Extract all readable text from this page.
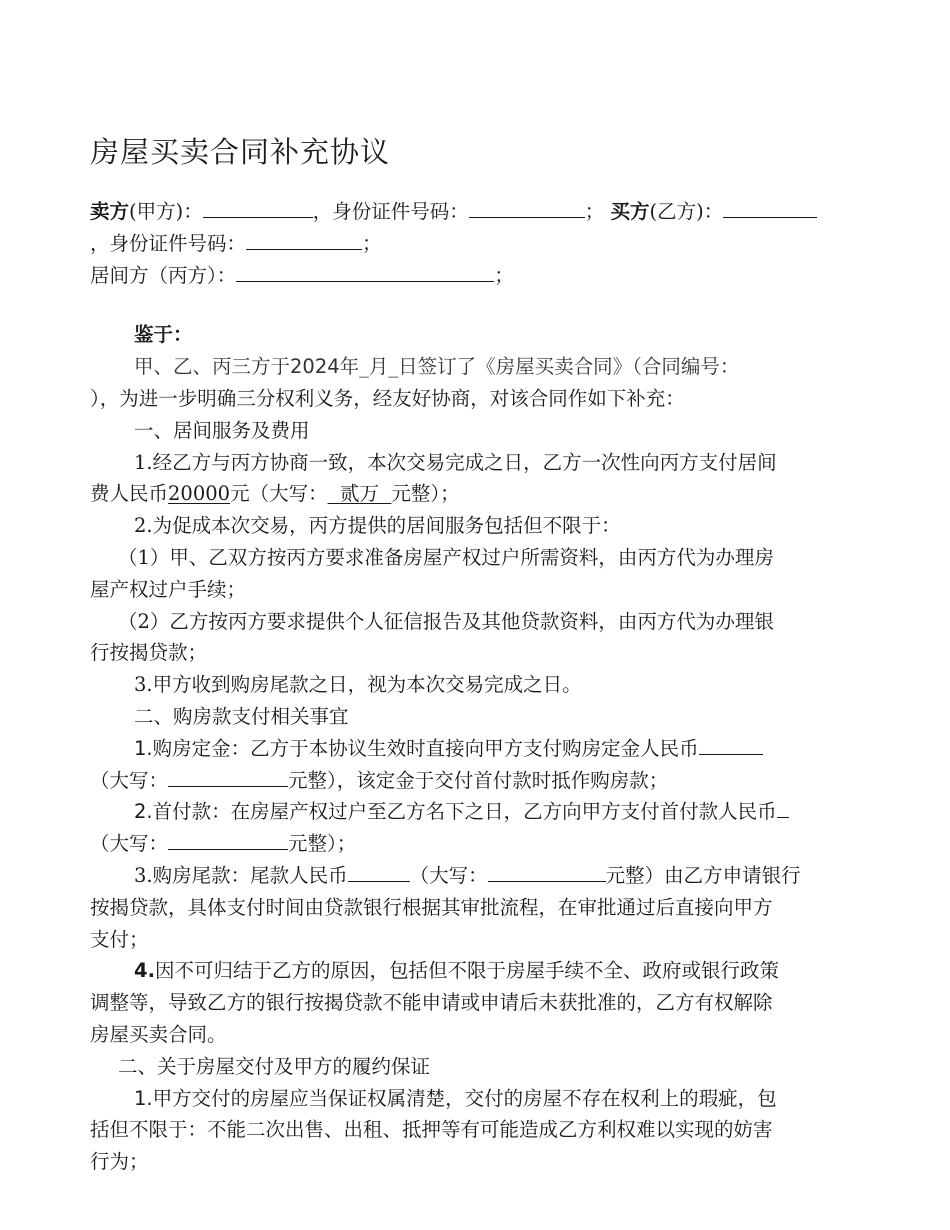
房屋买卖合同补充协议
卖方(甲方)：	，身份证件号码：	； 买方(乙方)：
，身份证件号码：	；
居间方（丙方）：	；
鉴于：
甲、乙、丙三方于2024年_月_日签订了《房屋买卖合同》（合同编号：
），为进一步明确三分权利义务，经友好协商，对该合同作如下补充：
一、居间服务及费用
1.经乙方与丙方协商一致，本次交易完成之日，乙方一次性向丙方支付居间
费人民币20000元（大写：  贰万  元整）；
2.为促成本次交易，丙方提供的居间服务包括但不限于：
（1）甲、乙双方按丙方要求准备房屋产权过户所需资料，由丙方代为办理房
屋产权过户手续；
（2）乙方按丙方要求提供个人征信报告及其他贷款资料，由丙方代为办理银
行按揭贷款；
3.甲方收到购房尾款之日，视为本次交易完成之日。
二、购房款支付相关事宜
1.购房定金：乙方于本协议生效时直接向甲方支付购房定金人民币
（大写：	元整），该定金于交付首付款时抵作购房款；
2.首付款：在房屋产权过户至乙方名下之日，乙方向甲方支付首付款人民币
（大写：	元整）；
3.购房尾款：尾款人民币	（大写：	元整）由乙方申请银行
按揭贷款，具体支付时间由贷款银行根据其审批流程，在审批通过后直接向甲方
支付；
4.因不可归结于乙方的原因，包括但不限于房屋手续不全、政府或银行政策
调整等，导致乙方的银行按揭贷款不能申请或申请后未获批准的，乙方有权解除
房屋买卖合同。
二、关于房屋交付及甲方的履约保证
1.甲方交付的房屋应当保证权属清楚，交付的房屋不存在权利上的瑕疵，包
括但不限于：不能二次出售、出租、抵押等有可能造成乙方利权难以实现的妨害
行为；
